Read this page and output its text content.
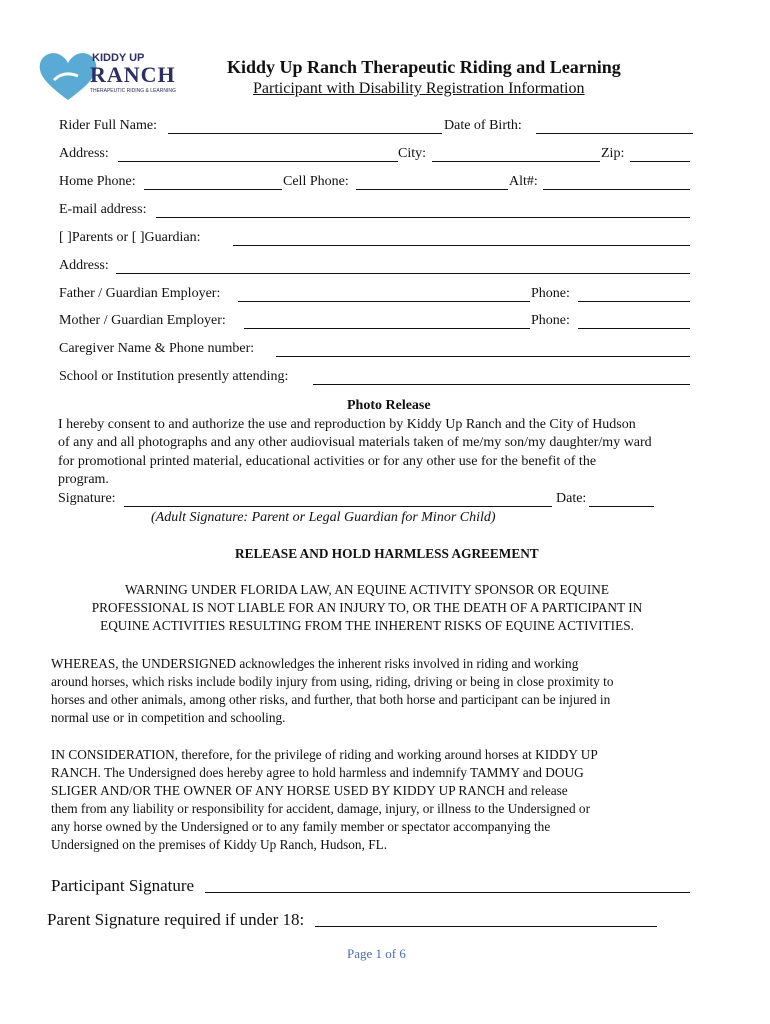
KIDDY UP
RANCH
THERAPEUTIC RIDING & LEARNING
Kiddy Up Ranch Therapeutic Riding and Learning
Participant with Disability Registration Information
Rider Full Name:	Date of Birth:
Address:	City:	Zip:
Home Phone:	Cell Phone:	Alt#:
E-mail address:
[ ]Parents or [ ]Guardian:
Address:
Father / Guardian Employer:	Phone:
Mother / Guardian Employer:	Phone:
Caregiver Name & Phone number:
School or Institution presently attending:
Photo Release
I hereby consent to and authorize the use and reproduction by Kiddy Up Ranch and the City of Hudson
of any and all photographs and any other audiovisual materials taken of me/my son/my daughter/my ward
for promotional printed material, educational activities or for any other use for the benefit of the
program.
Signature:	Date:
(Adult Signature: Parent or Legal Guardian for Minor Child)
RELEASE AND HOLD HARMLESS AGREEMENT
WARNING UNDER FLORIDA LAW, AN EQUINE ACTIVITY SPONSOR OR EQUINE
PROFESSIONAL IS NOT LIABLE FOR AN INJURY TO, OR THE DEATH OF A PARTICIPANT IN
EQUINE ACTIVITIES RESULTING FROM THE INHERENT RISKS OF EQUINE ACTIVITIES.
WHEREAS, the UNDERSIGNED acknowledges the inherent risks involved in riding and working
around horses, which risks include bodily injury from using, riding, driving or being in close proximity to
horses and other animals, among other risks, and further, that both horse and participant can be injured in
normal use or in competition and schooling.
IN CONSIDERATION, therefore, for the privilege of riding and working around horses at KIDDY UP
RANCH. The Undersigned does hereby agree to hold harmless and indemnify TAMMY and DOUG
SLIGER AND/OR THE OWNER OF ANY HORSE USED BY KIDDY UP RANCH and release
them from any liability or responsibility for accident, damage, injury, or illness to the Undersigned or
any horse owned by the Undersigned or to any family member or spectator accompanying the
Undersigned on the premises of Kiddy Up Ranch, Hudson, FL.
Participant Signature
Parent Signature required if under 18:
Page 1 of 6
